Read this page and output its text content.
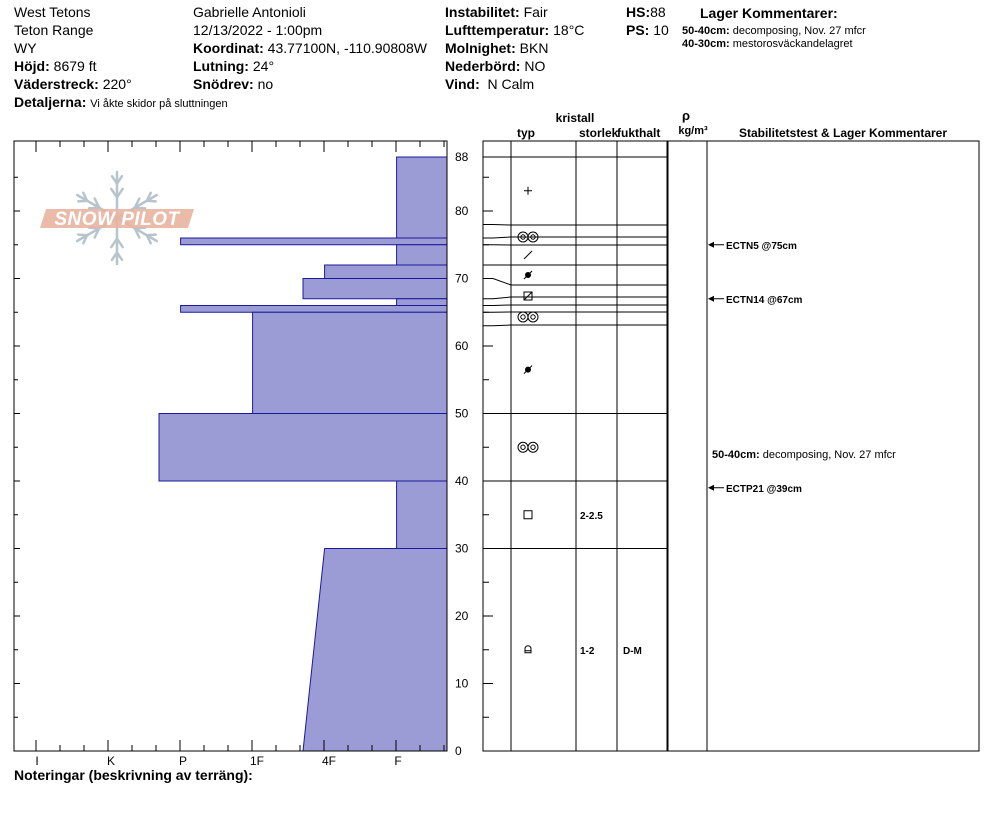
West Tetons
Teton Range
WY
Höjd: 8679 ft
Väderstreck: 220°
Detaljerna: Vi åkte skidor på sluttningen
Gabrielle Antonioli
12/13/2022 - 1:00pm
Koordinat: 43.77100N, -110.90808W
Lutning: 24°
Snödrev: no
Instabilitet: Fair
Lufttemperatur: 18°C
Molnighet: BKN
Nederbörd: NO
Vind: N Calm
HS:88
PS: 10
Lager Kommentarer:
50-40cm: decomposing, Nov. 27 mfcr
40-30cm: mestorosväckandelagret
Noteringar (beskrivning av terräng):
SNOW PILOT
I	K	P	1F	4F	F
0
10
20
30
40
50
60
70
80
88
kristall
typ	storlek
fukthalt
ρ
kg/m³	Stabilitetstest & Lager Kommentarer
2-2.5
1-2	D-M
ECTN5 @75cm
ECTN14 @67cm
ECTP21 @39cm
50-40cm: decomposing, Nov. 27 mfcr
